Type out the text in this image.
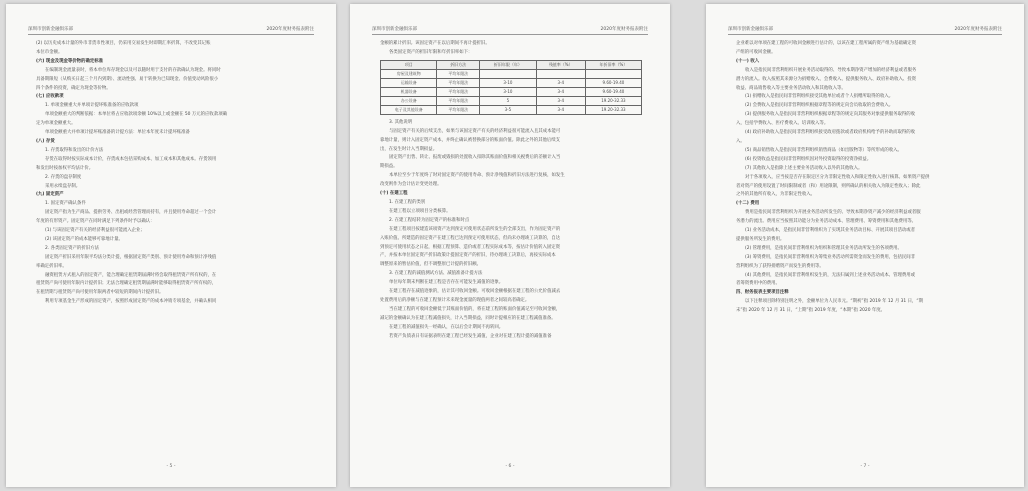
深圳市创新金融俱乐部	2020年度财务报表附注

(2) 以历史成本计量的外币非货币性项目，仍采用交易发生时即期汇率折算，不改变其记账

本位币金额。

(六) 现金及现金等价物的确定标准

在编制现金流量表时，将本单位库存现金以及可以随时用于支付的存款确认为现金。将同时

具备期限短（从购买日起三个月内到期）、流动性强、易于转换为已知现金、价值变动风险很小

四个条件的投资，确定为现金等价物。

(七) 应收款项

1. 单项金额重大并单项计提坏账准备的应收款项

单项金额重大的判断依据：本单位将占应收款项余额 10%以上或金额在 50 万元的应收款项确

定为单项金额重大。

单项金额重大并单项计提坏账准备的计提方法：单位本年度未计提坏账准备

(八) 存货

1. 存货取得和发出的计价方法

存货在取得时按实际成本计价，存货成本包括采购成本、加工成本和其他成本。存货领用

和发出时按加权平均法计价。

2. 存货的盘存制度

采用永续盘存制。

(九) 固定资产

1. 固定资产确认条件

固定资产指为生产商品、提供劳务、出租或经营管理而持有，并且使用寿命超过一个会计

年度的有形资产。固定资产在同时满足下列条件时予以确认：

(1) 与该固定资产有关的经济利益很可能流入企业；

(2) 该固定资产的成本能够可靠地计量。

2. 各类固定资产的折旧方法

固定资产折旧采用年限平均法分类计提，根据固定资产类别、预计使用寿命和预计净残值

率确定折旧率。

融资租赁方式租入的固定资产，能合理确定租赁期届满时将会取得租赁资产所有权的，在

租赁资产尚可使用年限内计提折旧；无法合理确定租赁期届满时能够取得租赁资产所有权的，

在租赁期与租赁资产尚可使用年限两者中较短的期间内计提折旧。

利用专项基金生产形成的固定资产，按照形成固定资产的成本冲销专项基金，并确认相同

- 5 -
深圳市创新金融俱乐部	2020年度财务报表附注

金额的累计折旧。该固定资产在以后期间不再计提折旧。

各类固定资产的折旧年限和年折旧率如下：

项目	折旧方法	折旧年限（年）	残值率（%）	年折旧率（%）
房屋及建筑物	平均年限法			
运输设备	平均年限法	3-10	3-4	9.60-19.40
机器设备	平均年限法	3-10	3-4	9.60-19.40
办公设备	平均年限法	5	3-4	19.20-32.33
电子及其他设备	平均年限法	3-5	3-4	19.20-32.33

3. 其他说明

与固定资产有关的后续支出，如果与该固定资产有关的经济利益很可能流入且其成本能可

靠地计量，则计入固定资产成本，并终止确认被替换部分的账面价值。除此之外的其他后续支

出，在发生时计入当期损益。

固定资产出售、转让、报废或毁损的处置收入扣除其账面价值和相关税费后的差额计入当

期损益。

本单位至少于年度终了时对固定资产的使用寿命、预计净残值和折旧方法进行复核，如发生

改变则作为会计估计变更处理。

(十) 在建工程

1. 在建工程的类别

在建工程以立项项目分类核算。

2. 在建工程结转为固定资产的标准和时点

在建工程项目按建造该项资产达到预定可使用状态前所发生的全部支出，作为固定资产的

入账价值。所建造的固定资产在建工程已达到预定可使用状态，但尚未办理竣工决算的，自达

到预定可使用状态之日起，根据工程预算、造价或者工程实际成本等，按估计价值转入固定资

产，并按本单位固定资产折旧政策计提固定资产的折旧，待办理竣工决算后，再按实际成本

调整原来的暂估价值，但不调整原已计提的折旧额。

3. 在建工程的减值测试方法、减值准备计提方法

单位每年期末判断在建工程是否存在可能发生减值的迹象。

在建工程存在减值迹象的，估计其可收回金额。可收回金额根据在建工程的公允价值减去

处置费用后的净额与在建工程预计未来现金流量的现值两者之间较高者确定。

当在建工程的可收回金额低于其账面价值的，将在建工程的账面价值减记至可收回金额，

减记的金额确认为在建工程减值损失，计入当期损益，同时计提相应的在建工程减值准备。

在建工程的减值损失一经确认，在以后会计期间不再转回。

若资产负债表日有证据表明在建工程已经发生减值，企业对在建工程计提的减值准备

- 6 -
深圳市创新金融俱乐部	2020年度财务报表附注

企业难以对单项在建工程的可收回金额进行估计的，以该在建工程所属的资产组为基础确定资

产组的可收回金额。

(十一) 收入

收入是指民间非营利组织开展业务活动取得的、导致本期净资产增加的经济利益或者服务

潜力的流入。收入按照其来源分为捐赠收入、会费收入、提供服务收入、政府补助收入、投资

收益、商品销售收入等主要业务活动收入和其他收入等。

(1) 捐赠收入是指民间非营利组织接受其他单位或者个人捐赠所取得的收入。

(2) 会费收入是指民间非营利组织根据章程等的规定向会员收取的会费收入。

(3) 提供服务收入是指民间非营利组织根据章程等的规定向其服务对象提供服务取得的收

入，包括学费收入、医疗费收入、培训收入等。

(4) 政府补助收入是指民间非营利组织接受政府拨款或者政府机构给予的补助而取得的收

入。

(5) 商品销售收入是指民间非营利组织销售商品（如出版物等）等所形成的收入。

(6) 投资收益是指民间非营利组织因对外投资取得的投资净损益。

(7) 其他收入是指除上述主要业务活动收入以外的其他收入。

对于各项收入，应当按是否存在限定区分为非限定性收入和限定性收入进行核算。如果资产提供

者对资产的使用设置了时间限制或者（和）用途限制，则所确认的相关收入为限定性收入；除此

之外的其他所有收入，为非限定性收入。

(十二) 费用

费用是指民间非营利组织为开展业务活动所发生的、导致本期净资产减少的经济利益或者服

务潜力的流出。费用应当按照其功能分为业务活动成本、管理费用、筹资费用和其他费用等。

(1) 业务活动成本，是指民间非营利组织为了实现其业务活动目标、开展其项目活动或者

提供服务所发生的费用。

(2) 管理费用，是指民间非营利组织为组织和管理其业务活动所发生的各项费用。

(3) 筹资费用，是指民间非营利组织为筹集业务活动所需资金而发生的费用，包括民间非

营利组织为了获得捐赠资产而发生的费用等。

(4) 其他费用，是指民间非营利组织发生的，无法归属到上述业务活动成本、管理费用或

者筹资费用中的费用。

四、财务报表主要项目注释

以下注释项目除特别注明之外，金额单位为人民币元。“期初”指 2019 年 12 月 31 日，“期

末”指 2020 年 12 月 31 日，“上期”指 2019 年度，“本期”指 2020 年度。

- 7 -
